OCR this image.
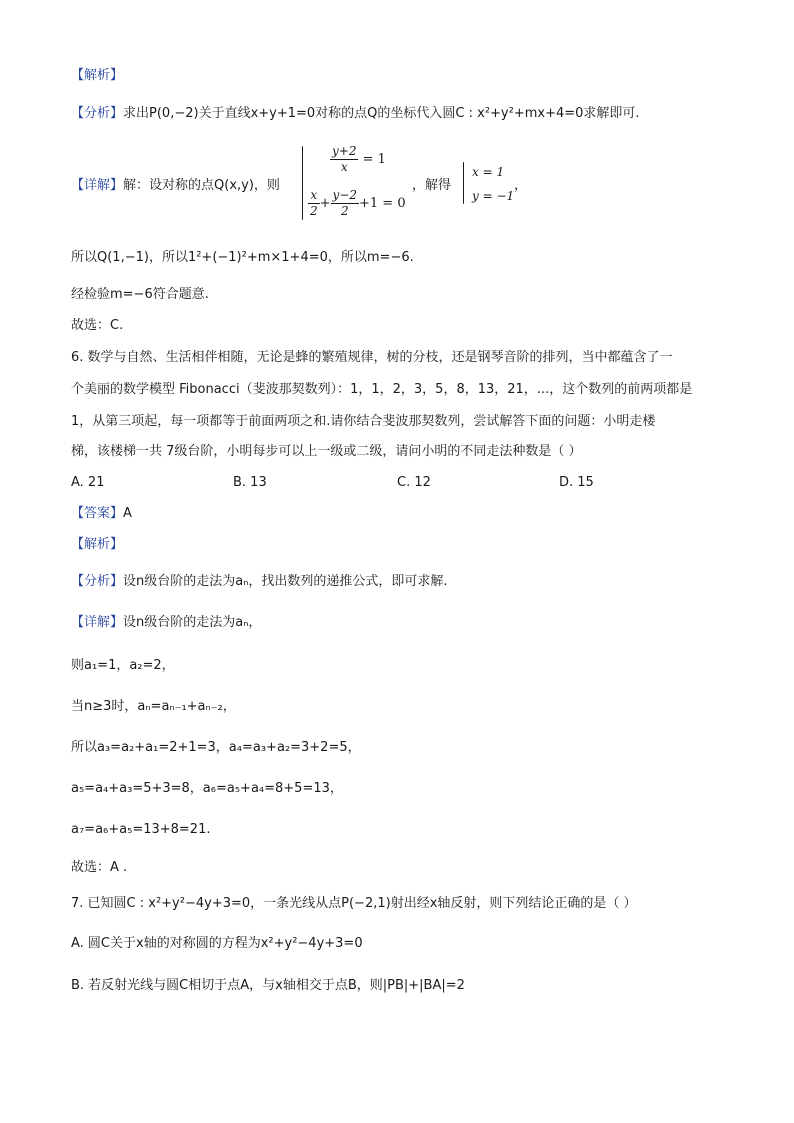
【解析】
【分析】求出P(0,−2)关于直线x+y+1=0对称的点Q的坐标代入圆C : x²+y²+mx+4=0求解即可.
【详解】解：设对称的点Q(x,y)，则
$\frac{y+2}{x} = 1$
$\frac{x}{2} + \frac{y-2}{2} +1 = 0$
，解得
x = 1
y = −1
，
所以Q(1,−1)，所以1²+(−1)²+m×1+4=0，所以m=−6.
经检验m=−6符合题意.
故选：C.
6. 数学与自然、生活相伴相随，无论是蜂的繁殖规律，树的分枝，还是钢琴音阶的排列，当中都蕴含了一
个美丽的数学模型 Fibonacci（斐波那契数列）：1，1，2，3，5，8，13，21，...，这个数列的前两项都是
1，从第三项起，每一项都等于前面两项之和.请你结合斐波那契数列，尝试解答下面的问题：小明走楼
梯，该楼梯一共 7级台阶，小明每步可以上一级或二级，请问小明的不同走法种数是（ ）
A. 21	B. 13	C. 12	D. 15
【答案】A
【解析】
【分析】设n级台阶的走法为aₙ，找出数列的递推公式，即可求解.
【详解】设n级台阶的走法为aₙ，
则a₁=1，a₂=2，
当n≥3时，aₙ=aₙ₋₁+aₙ₋₂，
所以a₃=a₂+a₁=2+1=3，a₄=a₃+a₂=3+2=5，
a₅=a₄+a₃=5+3=8，a₆=a₅+a₄=8+5=13，
a₇=a₆+a₅=13+8=21.
故选：A .
7. 已知圆C : x²+y²−4y+3=0，一条光线从点P(−2,1)射出经x轴反射，则下列结论正确的是（ ）
A. 圆C关于x轴的对称圆的方程为x²+y²−4y+3=0
B. 若反射光线与圆C相切于点A，与x轴相交于点B，则|PB|+|BA|=2
